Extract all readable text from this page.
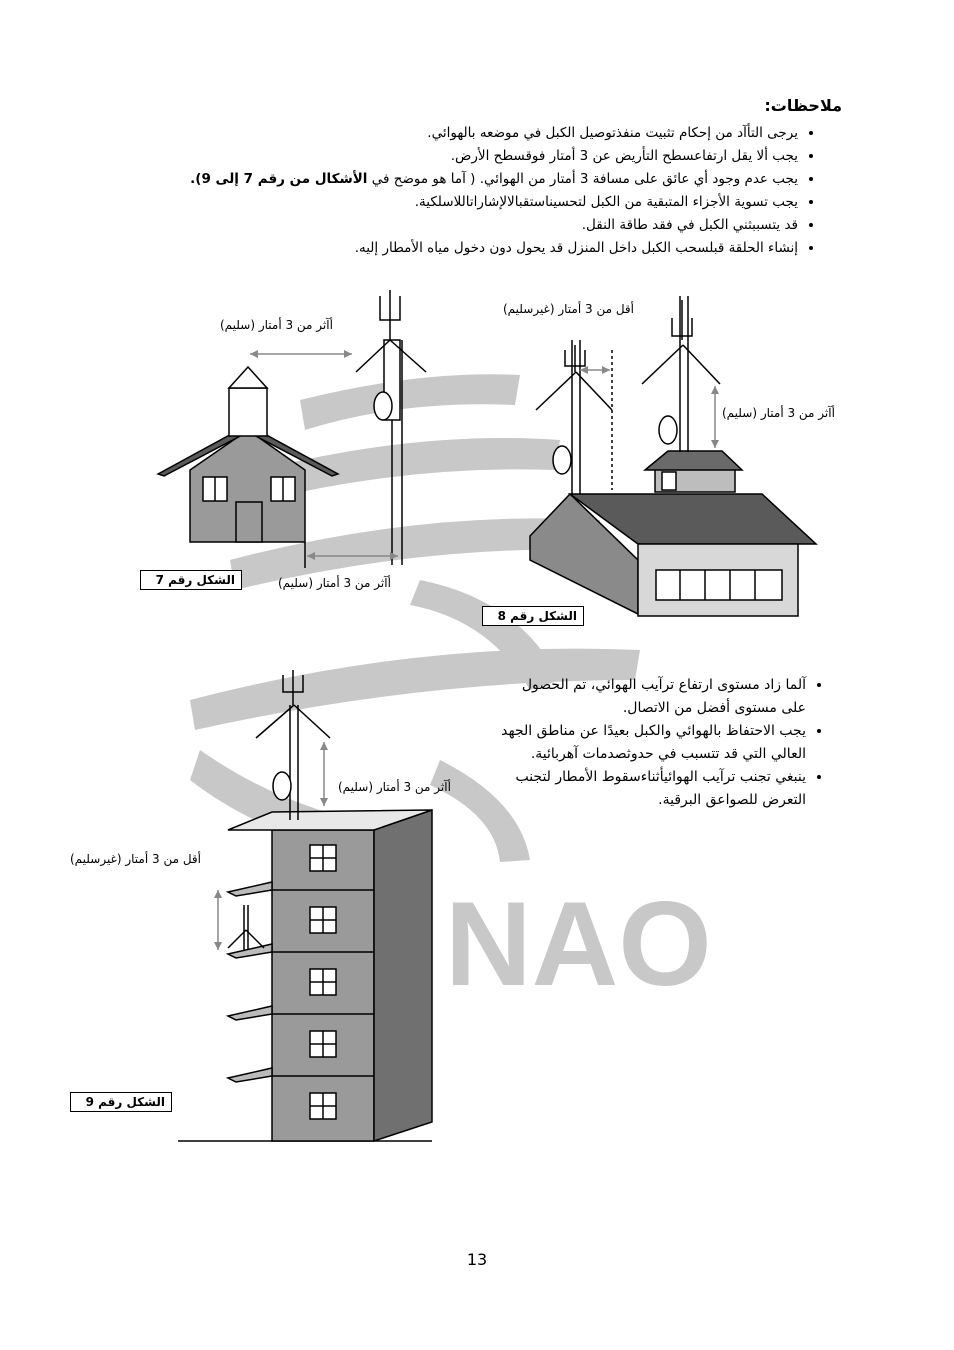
NAO
ملاحظات:
• يرجى التأآد من إحكام تثبيت منفذتوصيل الكبل في موضعه بالهوائي.
• يجب ألا يقل ارتفاعسطح التأريض عن 3 أمتار فوقسطح الأرض.
• يجب عدم وجود أي عائق على مسافة 3 أمتار من الهوائي. ( آما هو موضح في الأشكال من رقم 7 إلى 9).
• يجب تسوية الأجزاء المتبقية من الكبل لتحسيناستقبالالإشاراتاللاسلكية.
• قد يتسببثني الكبل في فقد طاقة النقل.
• إنشاء الحلقة قبلسحب الكبل داخل المنزل قد يحول دون دخول مياه الأمطار إليه.
أآثر من 3 أمتار (سليم)
أآثر من 3 أمتار (سليم)
الشكل رقم 7
أقل من 3 أمتار (غيرسليم)
أآثر من 3 أمتار (سليم)
الشكل رقم 8
أآثر من 3 أمتار (سليم)
أقل من 3 أمتار (غيرسليم)
الشكل رقم 9
• آلما زاد مستوى ارتفاع ترآيب الهوائي، تم الحصول على مستوى أفضل من الاتصال.
• يجب الاحتفاظ بالهوائي والكبل بعيدًا عن مناطق الجهد العالي التي قد تتسبب في حدوثصدمات آهربائية.
• ينبغي تجنب ترآيب الهوائيأثناءسقوط الأمطار لتجنب التعرض للصواعق البرقية.
13
